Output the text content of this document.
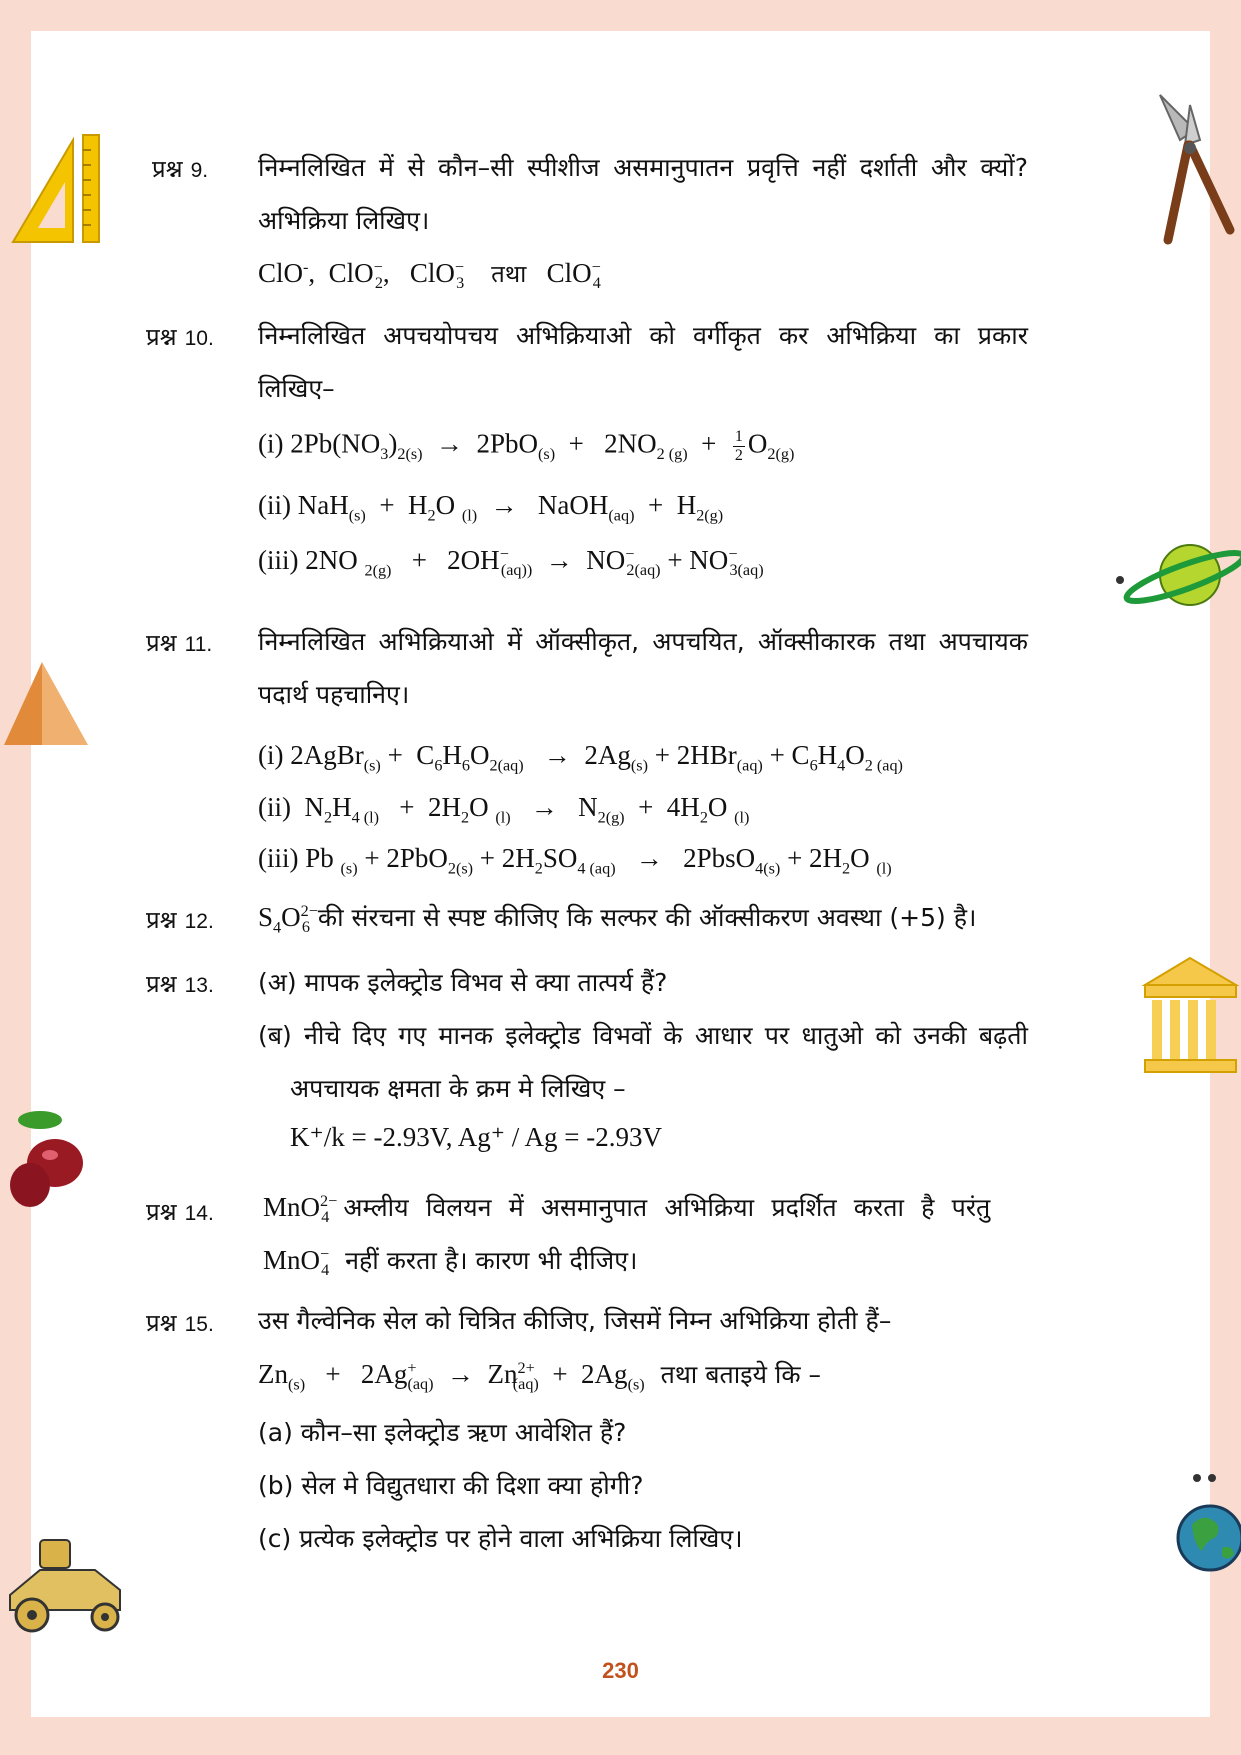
प्रश्न 9. निम्नलिखित में से कौन–सी स्पीशीज असमानुपातन प्रवृत्ति नहीं दर्शाती और क्यों?
अभिक्रिया लिखिए।
ClO-,  ClO−$_2$,   ClO−$_3$ तथा ClO−$_4$
प्रश्न 10. निम्नलिखित अपचयोपचय अभिक्रियाओ को वर्गीकृत कर अभिक्रिया का प्रकार
लिखिए–
(i) $2Pb(NO_3)_{2(s)} \to 2PbO_{(s)} + 2NO_{2 (g)} + \frac{1}{2} O_{2(g)}$
(ii) $NaH_{(s)} + H_2O$ $_{(l)}$  →   NaOH$_{(aq)}$  +  $H_{2(g)}$
(iii) 2NO $_{2(g)} + 2OH^-_{(aq))} \to NO^-_{2(aq)} + NO^-_{3(aq)}$
प्रश्न 11. निम्नलिखित अभिक्रियाओ में ऑक्सीकृत, अपचयित, ऑक्सीकारक तथा अपचायक
पदार्थ पहचानिए।
(i) 2AgBr$_{(s)}$ +  $C_6H_6O_{2(aq)} \to 2Ag_{(s)} + 2HBr_{(aq)} + C_6H_4O_{2 (aq)}$
(ii)  $N_2H_{4 (l)} + 2H_2O$ $_{(l)} \to N_{2(g)} + 4H_2O$ $_{(l)}$
(iii) Pb $_{(s)} + 2PbO_{2(s)} + 2H_2SO_{4 (aq)}$   →   2PbsO$_{4(s)}$ + $2H_2O$ $_{(l)}$
प्रश्न 12. $S_4O^{2-}_6$ की संरचना से स्पष्ट कीजिए कि सल्फर की ऑक्सीकरण अवस्था (+5) है।
प्रश्न 13. (अ) मापक इलेक्ट्रोड विभव से क्या तात्पर्य हैं?
(ब) नीचे दिए गए मानक इलेक्ट्रोड विभवों के आधार पर धातुओ को उनकी बढ़ती
अपचायक क्षमता के क्रम मे लिखिए –
K⁺/k = -2.93V, Ag⁺ / Ag = -2.93V
प्रश्न 14. MnO$^{2-}_4$ अम्लीय विलयन में असमानुपात अभिक्रिया प्रदर्शित करता है परंतु
MnO−$_4$ नहीं करता है। कारण भी दीजिए।
प्रश्न 15. उस गैल्वेनिक सेल को चित्रित कीजिए, जिसमें निम्न अभिक्रिया होती हैं–
$Zn_{(s)} + 2Ag^+_{(aq)} \to Zn^{2+}_{(aq)} + 2Ag_{(s)}$ तथा बताइये कि –
(a) कौन–सा इलेक्ट्रोड ऋण आवेशित हैं?
(b) सेल मे विद्युतधारा की दिशा क्या होगी?
(c) प्रत्येक इलेक्ट्रोड पर होने वाला अभिक्रिया लिखिए।
230
